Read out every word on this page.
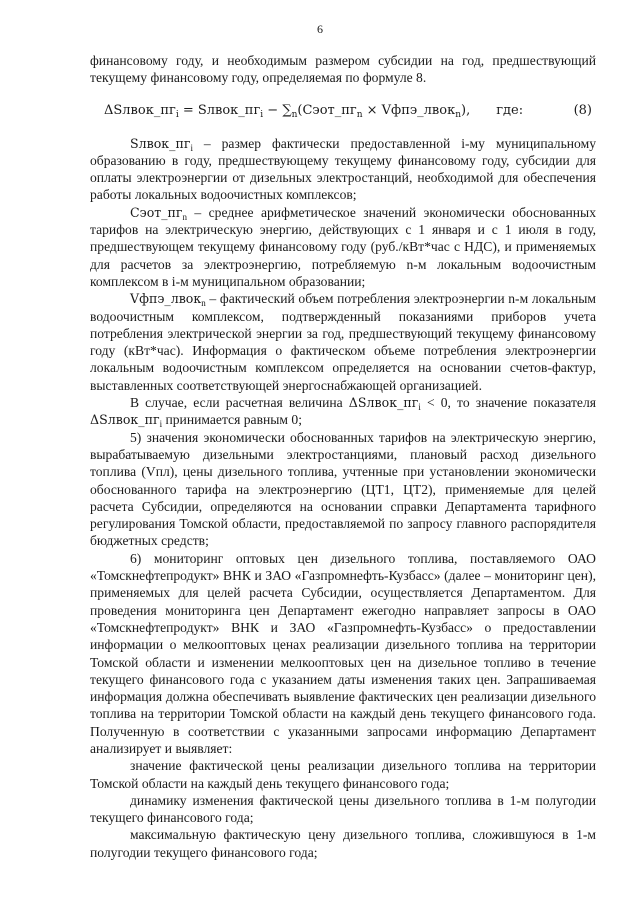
6

финансовому году, и необходимым размером субсидии на год, предшествующий текущему финансовому году, определяемая по формуле 8.

$\Delta Sлвок\_пг_i$ = $Sлвок\_пг_i$ − $\sum_n(Сэот\_пг_n$ × Vфпэ_лвок$_n$), где:	(8)

$Sлвок\_пг_i$ – размер фактически предоставленной i-му муниципальному образованию в году, предшествующему текущему финансовому году, субсидии для оплаты электроэнергии от дизельных электростанций, необходимой для обеспечения работы локальных водоочистных комплексов;

$Сэот\_пг_n$ – среднее арифметическое значений экономически обоснованных тарифов на электрическую энергию, действующих с 1 января и с 1 июля в году, предшествующем текущему финансовому году (руб./кВт*час с НДС), и применяемых для расчетов за электроэнергию, потребляемую n-м локальным водоочистным комплексом в i-м муниципальном образовании;

Vфпэ_лвок$_n$ – фактический объем потребления электроэнергии n-м локальным водоочистным комплексом, подтвержденный показаниями приборов учета потребления электрической энергии за год, предшествующий текущему финансовому году (кВт*час). Информация о фактическом объеме потребления электроэнергии локальным водоочистным комплексом определяется на основании счетов-фактур, выставленных соответствующей энергоснабжающей организацией.

В случае, если расчетная величина $\Delta Sлвок\_пг_i < 0$, то значение показателя $\Delta Sлвок\_пг_i$ принимается равным 0;

5) значения экономически обоснованных тарифов на электрическую энергию, вырабатываемую дизельными электростанциями, плановый расход дизельного топлива (Vпл), цены дизельного топлива, учтенные при установлении экономически обоснованного тарифа на электроэнергию (ЦТ1, ЦТ2), применяемые для целей расчета Субсидии, определяются на основании справки Департамента тарифного регулирования Томской области, предоставляемой по запросу главного распорядителя бюджетных средств;

6) мониторинг оптовых цен дизельного топлива, поставляемого ОАО «Томскнефтепродукт» ВНК и ЗАО «Газпромнефть-Кузбасс» (далее – мониторинг цен), применяемых для целей расчета Субсидии, осуществляется Департаментом. Для проведения мониторинга цен Департамент ежегодно направляет запросы в ОАО «Томскнефтепродукт» ВНК и ЗАО «Газпромнефть-Кузбасс» о предоставлении информации о мелкооптовых ценах реализации дизельного топлива на территории Томской области и изменении мелкооптовых цен на дизельное топливо в течение текущего финансового года с указанием даты изменения таких цен. Запрашиваемая информация должна обеспечивать выявление фактических цен реализации дизельного топлива на территории Томской области на каждый день текущего финансового года. Полученную в соответствии с указанными запросами информацию Департамент анализирует и выявляет:

значение фактической цены реализации дизельного топлива на территории Томской области на каждый день текущего финансового года;

динамику изменения фактической цены дизельного топлива в 1-м полугодии текущего финансового года;

максимальную фактическую цену дизельного топлива, сложившуюся в 1-м полугодии текущего финансового года;
